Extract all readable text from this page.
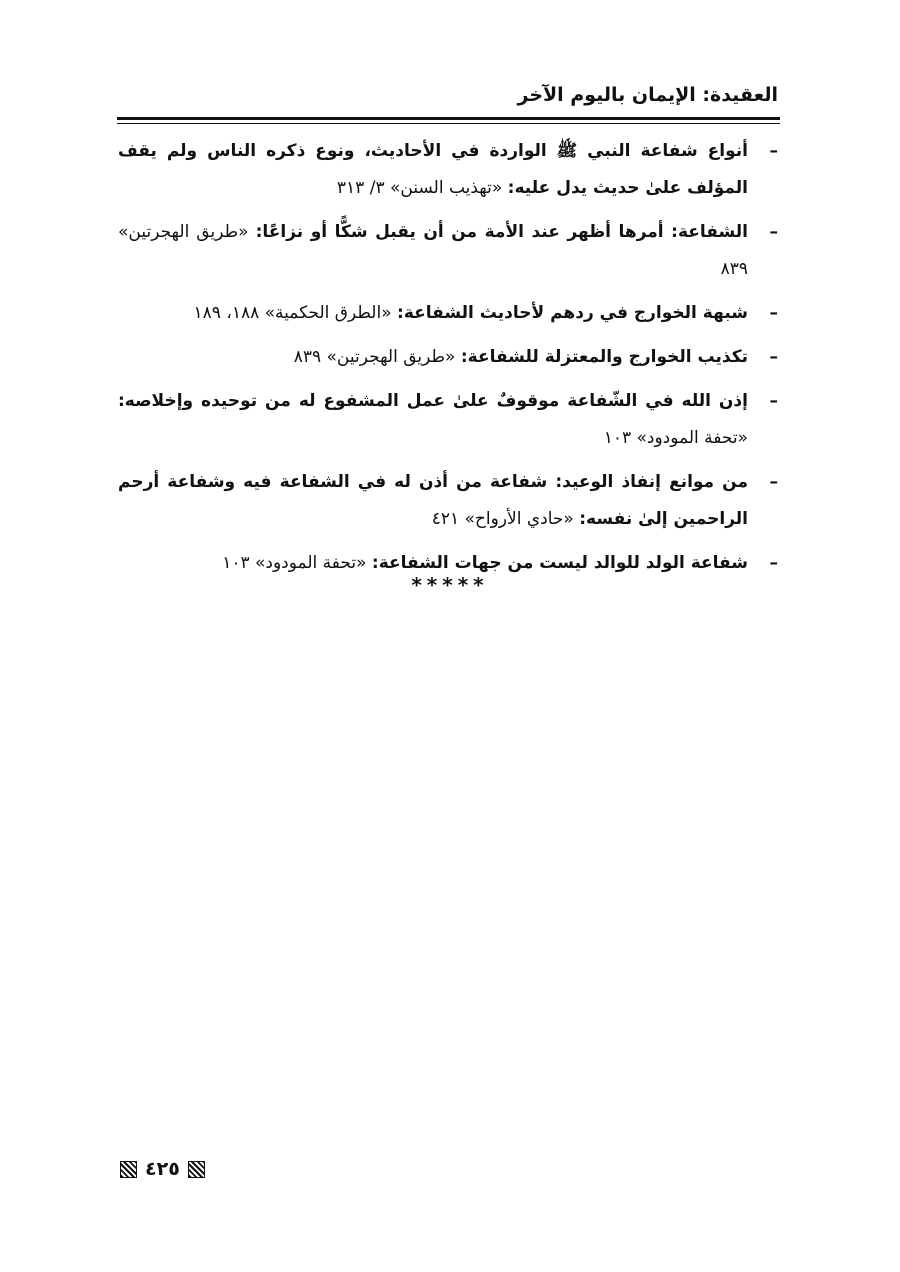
العقيدة: الإيمان باليوم الآخر
–
أنواع شفاعة النبي ﷺ الواردة في الأحاديث، ونوع ذكره الناس ولم يقف المؤلف علىٰ حديث يدل عليه: «تهذيب السنن» ٣/ ٣١٣
–
الشفاعة: أمرها أظهر عند الأمة من أن يقبل شكًّا أو نزاعًا: «طريق الهجرتين» ٨٣٩
–
شبهة الخوارج في ردهم لأحاديث الشفاعة: «الطرق الحكمية» ١٨٨، ١٨٩
–
تكذيب الخوارج والمعتزلة للشفاعة: «طريق الهجرتين» ٨٣٩
–
إذن الله في الشّفاعة موقوفٌ علىٰ عمل المشفوع له من توحيده وإخلاصه: «تحفة المودود» ١٠٣
–
من موانع إنفاذ الوعيد: شفاعة من أذن له في الشفاعة فيه وشفاعة أرحم الراحمين إلىٰ نفسه: «حادي الأرواح» ٤٢١
–
شفاعة الولد للوالد ليست من جهات الشفاعة: «تحفة المودود» ١٠٣
*****
٤٢٥
